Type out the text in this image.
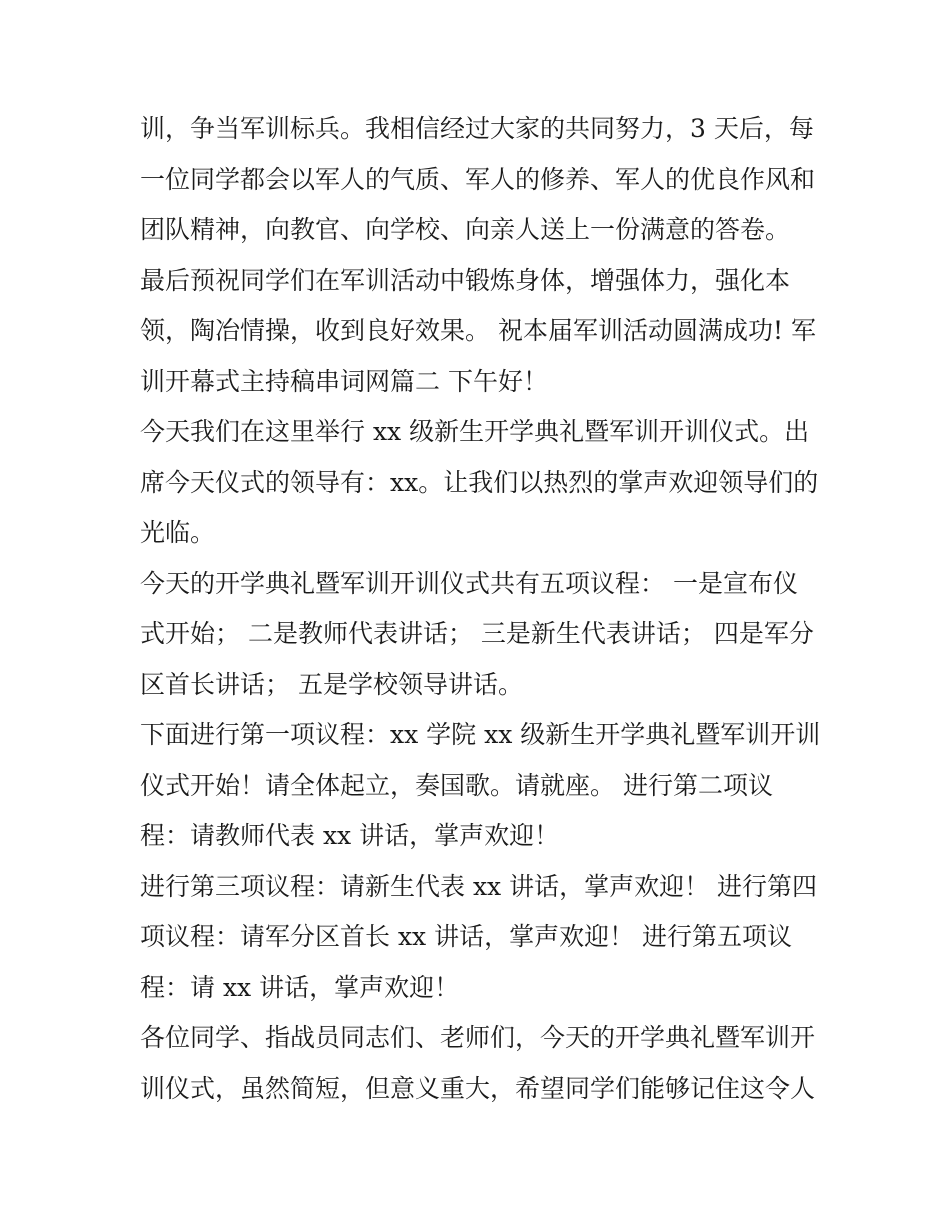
训，争当军训标兵。我相信经过大家的共同努力，3 天后，每
一位同学都会以军人的气质、军人的修养、军人的优良作风和
团队精神，向教官、向学校、向亲人送上一份满意的答卷。
最后预祝同学们在军训活动中锻炼身体，增强体力，强化本
领，陶冶情操，收到良好效果。 祝本届军训活动圆满成功! 军
训开幕式主持稿串词网篇二 下午好！
今天我们在这里举行 xx 级新生开学典礼暨军训开训仪式。出
席今天仪式的领导有：xx。让我们以热烈的掌声欢迎领导们的
光临。
今天的开学典礼暨军训开训仪式共有五项议程： 一是宣布仪
式开始； 二是教师代表讲话； 三是新生代表讲话； 四是军分
区首长讲话； 五是学校领导讲话。
下面进行第一项议程：xx 学院 xx 级新生开学典礼暨军训开训
仪式开始！请全体起立，奏国歌。请就座。 进行第二项议
程：请教师代表 xx 讲话，掌声欢迎！
进行第三项议程：请新生代表 xx 讲话，掌声欢迎！ 进行第四
项议程：请军分区首长 xx 讲话，掌声欢迎！ 进行第五项议
程：请 xx 讲话，掌声欢迎！
各位同学、指战员同志们、老师们，今天的开学典礼暨军训开
训仪式，虽然简短，但意义重大，希望同学们能够记住这令人
